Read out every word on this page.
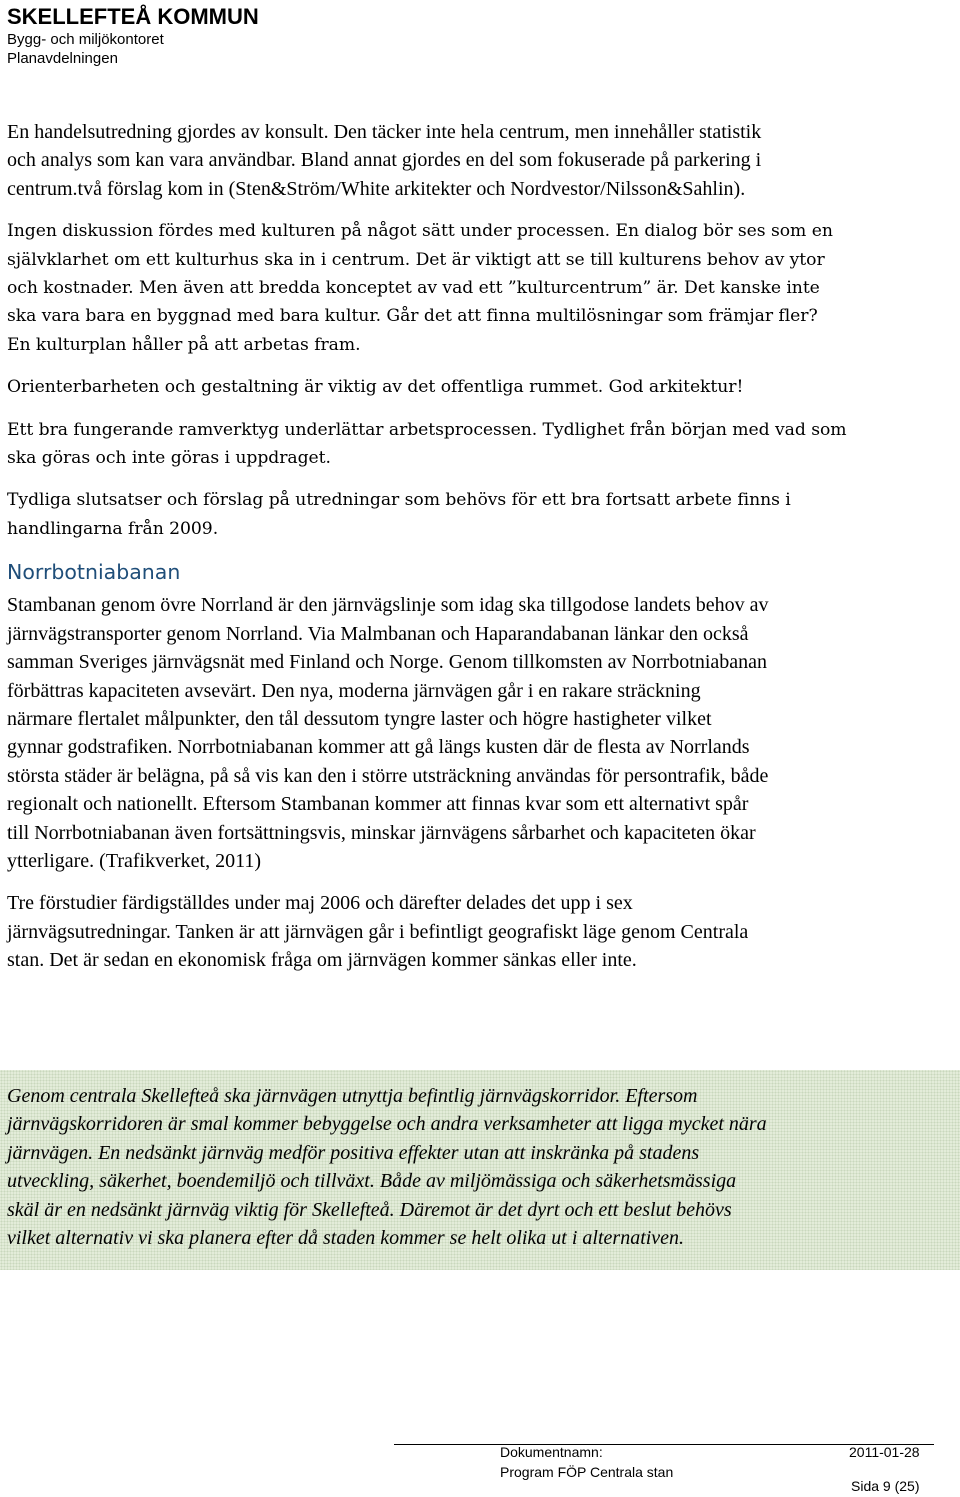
SKELLEFTEÅ KOMMUN
Bygg- och miljökontoret
Planavdelningen

En handelsutredning gjordes av konsult. Den täcker inte hela centrum, men innehåller statistik
och analys som kan vara användbar. Bland annat gjordes en del som fokuserade på parkering i
centrum.två förslag kom in (Sten&Ström/White arkitekter och Nordvestor/Nilsson&Sahlin).

Ingen diskussion fördes med kulturen på något sätt under processen. En dialog bör ses som en
självklarhet om ett kulturhus ska in i centrum. Det är viktigt att se till kulturens behov av ytor
och kostnader. Men även att bredda konceptet av vad ett ”kulturcentrum” är. Det kanske inte
ska vara bara en byggnad med bara kultur. Går det att finna multilösningar som främjar fler?
En kulturplan håller på att arbetas fram.

Orienterbarheten och gestaltning är viktig av det offentliga rummet. God arkitektur!

Ett bra fungerande ramverktyg underlättar arbetsprocessen. Tydlighet från början med vad som
ska göras och inte göras i uppdraget.

Tydliga slutsatser och förslag på utredningar som behövs för ett bra fortsatt arbete finns i
handlingarna från 2009.

Norrbotniabanan

Stambanan genom övre Norrland är den järnvägslinje som idag ska tillgodose landets behov av
järnvägstransporter genom Norrland. Via Malmbanan och Haparandabanan länkar den också
samman Sveriges järnvägsnät med Finland och Norge. Genom tillkomsten av Norrbotniabanan
förbättras kapaciteten avsevärt. Den nya, moderna järnvägen går i en rakare sträckning
närmare flertalet målpunkter, den tål dessutom tyngre laster och högre hastigheter vilket
gynnar godstrafiken. Norrbotniabanan kommer att gå längs kusten där de flesta av Norrlands
största städer är belägna, på så vis kan den i större utsträckning användas för persontrafik, både
regionalt och nationellt. Eftersom Stambanan kommer att finnas kvar som ett alternativt spår
till Norrbotniabanan även fortsättningsvis, minskar järnvägens sårbarhet och kapaciteten ökar
ytterligare. (Trafikverket, 2011)

Tre förstudier färdigställdes under maj 2006 och därefter delades det upp i sex
järnvägsutredningar. Tanken är att järnvägen går i befintligt geografiskt läge genom Centrala
stan. Det är sedan en ekonomisk fråga om järnvägen kommer sänkas eller inte.

Genom centrala Skellefteå ska järnvägen utnyttja befintlig järnvägskorridor. Eftersom
järnvägskorridoren är smal kommer bebyggelse och andra verksamheter att ligga mycket nära
järnvägen. En nedsänkt järnväg medför positiva effekter utan att inskränka på stadens
utveckling, säkerhet, boendemiljö och tillväxt. Både av miljömässiga och säkerhetsmässiga
skäl är en nedsänkt järnväg viktig för Skellefteå. Däremot är det dyrt och ett beslut behövs
vilket alternativ vi ska planera efter då staden kommer se helt olika ut i alternativen.
Dokumentnamn:
Program FÖP Centrala stan
2011-01-28
Sida 9 (25)
